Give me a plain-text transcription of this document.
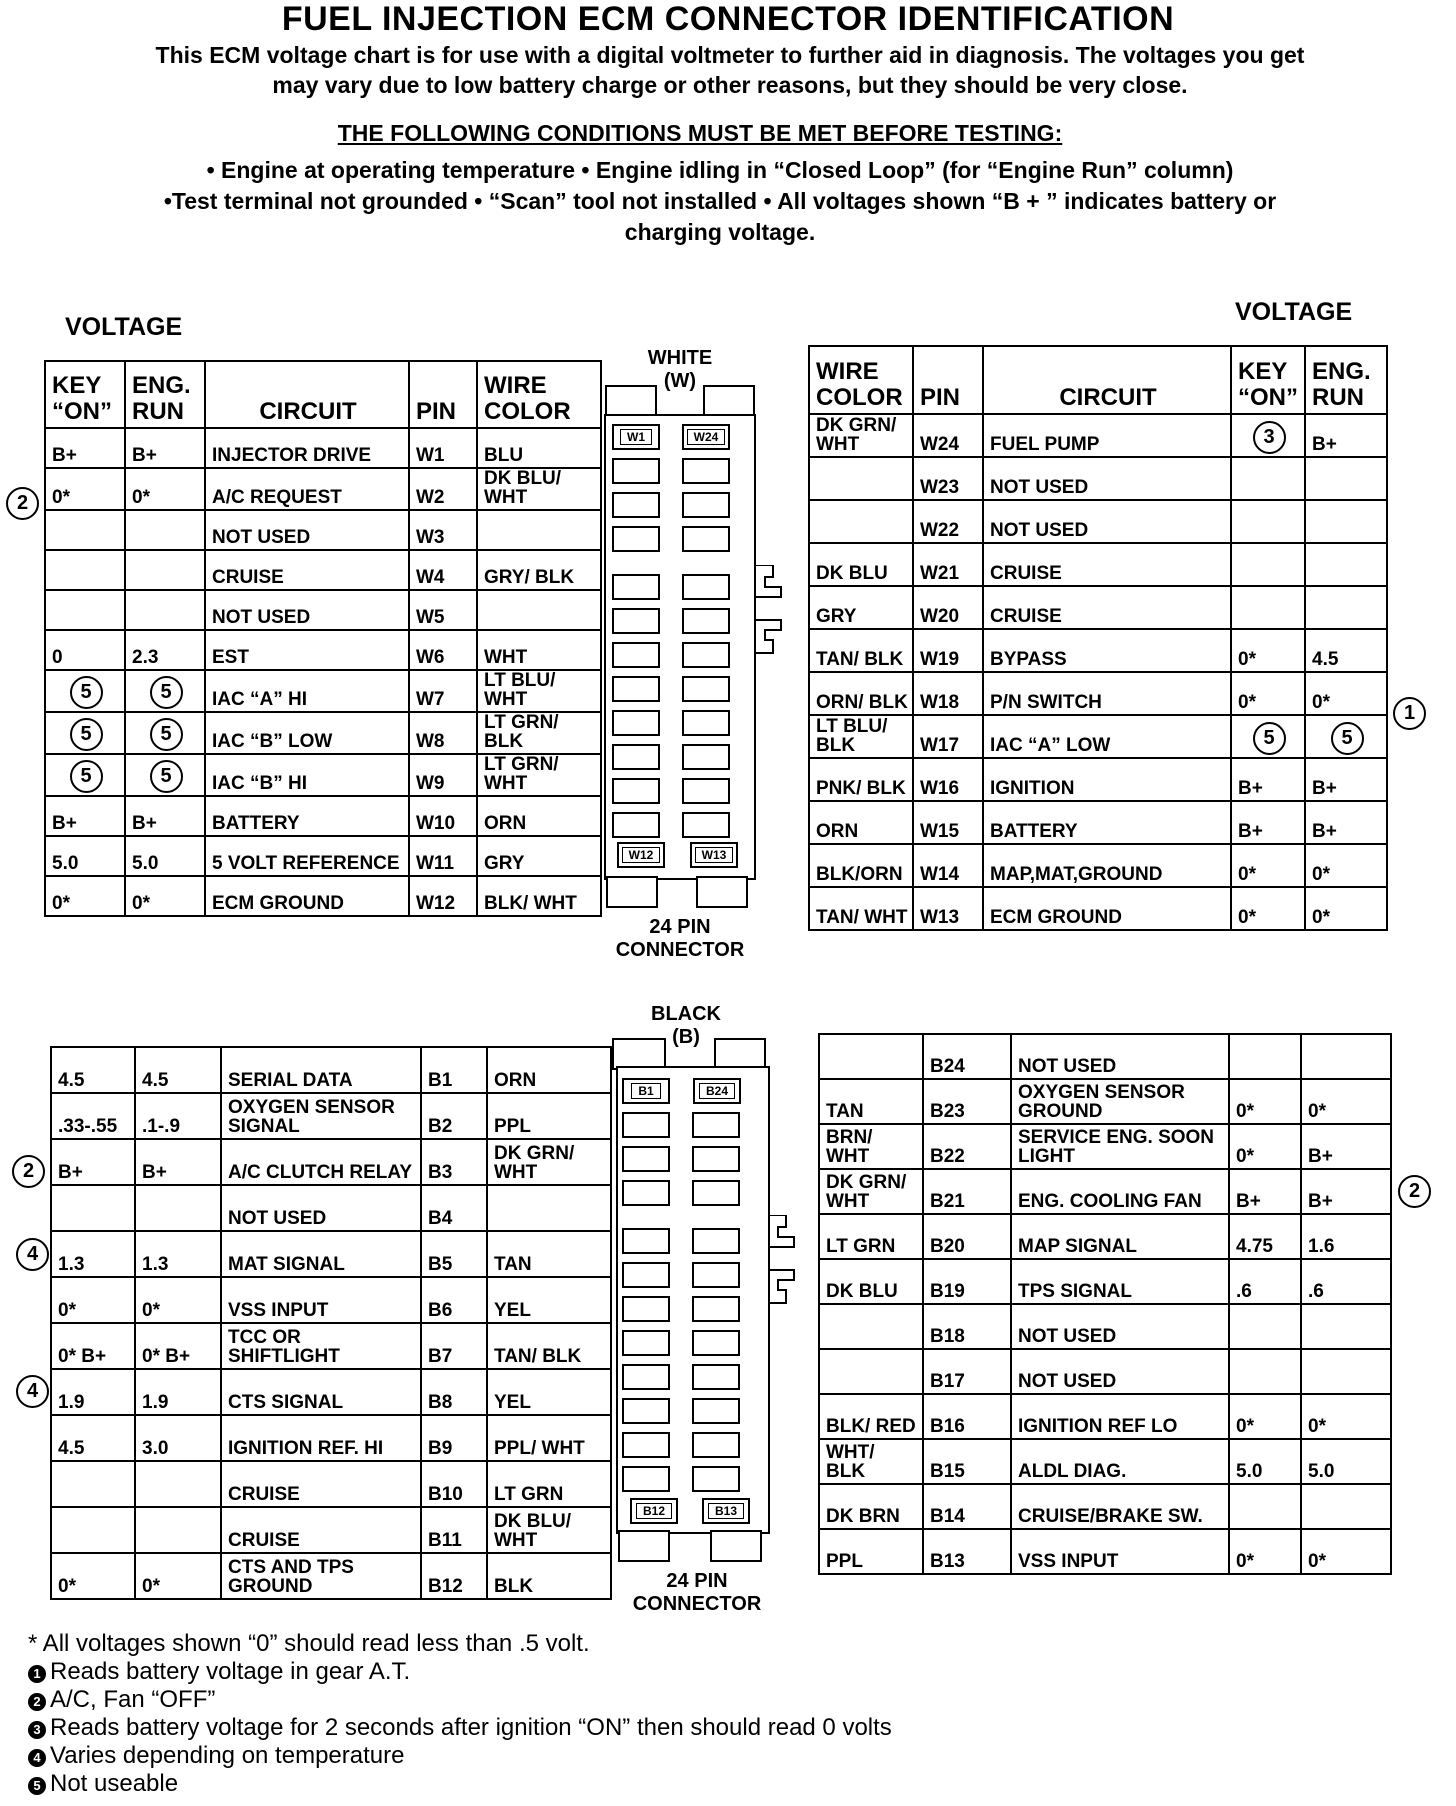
FUEL INJECTION ECM CONNECTOR IDENTIFICATION
This ECM voltage chart is for use with a digital voltmeter to further aid in diagnosis. The voltages you get
may vary due to low battery charge or other reasons, but they should be very close.
THE FOLLOWING CONDITIONS MUST BE MET BEFORE TESTING:
• Engine at operating temperature • Engine idling in “Closed Loop” (for “Engine Run” column)
•Test terminal not grounded • “Scan” tool not installed • All voltages shown “B + ” indicates battery or
charging voltage.
VOLTAGE
VOLTAGE
KEY “ON”	ENG. RUN	CIRCUIT	PIN	WIRE COLOR
B+	B+	INJECTOR DRIVE	W1	BLU
0*	0*	A/C REQUEST	W2	DK BLU/ WHT
		NOT USED	W3	
		CRUISE	W4	GRY/ BLK
		NOT USED	W5	
0	2.3	EST	W6	WHT
5	5	IAC “A” HI	W7	LT BLU/ WHT
5	5	IAC “B” LOW	W8	LT GRN/ BLK
5	5	IAC “B” HI	W9	LT GRN/ WHT
B+	B+	BATTERY	W10	ORN
5.0	5.0	5 VOLT REFERENCE	W11	GRY
0*	0*	ECM GROUND	W12	BLK/ WHT
WIRE COLOR	PIN	CIRCUIT	KEY “ON”	ENG. RUN
DK GRN/ WHT	W24	FUEL PUMP	3	B+
	W23	NOT USED		
	W22	NOT USED		
DK BLU	W21	CRUISE		
GRY	W20	CRUISE		
TAN/ BLK	W19	BYPASS	0*	4.5
ORN/ BLK	W18	P/N SWITCH	0*	0*
LT BLU/ BLK	W17	IAC “A” LOW	5	5
PNK/ BLK	W16	IGNITION	B+	B+
ORN	W15	BATTERY	B+	B+
BLK/ORN	W14	MAP,MAT,GROUND	0*	0*
TAN/ WHT	W13	ECM GROUND	0*	0*
4.5	4.5	SERIAL DATA	B1	ORN
.33-.55	.1-.9	OXYGEN SENSOR SIGNAL	B2	PPL
B+	B+	A/C CLUTCH RELAY	B3	DK GRN/ WHT
		NOT USED	B4	
1.3	1.3	MAT SIGNAL	B5	TAN
0*	0*	VSS INPUT	B6	YEL
0* B+	0* B+	TCC OR SHIFTLIGHT	B7	TAN/ BLK
1.9	1.9	CTS SIGNAL	B8	YEL
4.5	3.0	IGNITION REF. HI	B9	PPL/ WHT
		CRUISE	B10	LT GRN
		CRUISE	B11	DK BLU/ WHT
0*	0*	CTS AND TPS GROUND	B12	BLK
	B24	NOT USED		
TAN	B23	OXYGEN SENSOR GROUND	0*	0*
BRN/ WHT	B22	SERVICE ENG. SOON LIGHT	0*	B+
DK GRN/ WHT	B21	ENG. COOLING FAN	B+	B+
LT GRN	B20	MAP SIGNAL	4.75	1.6
DK BLU	B19	TPS SIGNAL	.6	.6
	B18	NOT USED		
	B17	NOT USED		
BLK/ RED	B16	IGNITION REF LO	0*	0*
WHT/ BLK	B15	ALDL DIAG.	5.0	5.0
DK BRN	B14	CRUISE/BRAKE SW.		
PPL	B13	VSS INPUT	0*	0*
2
1
2
4
4
2
WHITE (W)
W1	W24
W12	W13
24 PIN CONNECTOR
BLACK (B)
B1	B24
B12	B13
24 PIN CONNECTOR
* All voltages shown “0” should read less than .5 volt.
1 Reads battery voltage in gear A.T.
2 A/C, Fan “OFF”
3 Reads battery voltage for 2 seconds after ignition “ON” then should read 0 volts
4 Varies depending on temperature
5 Not useable
